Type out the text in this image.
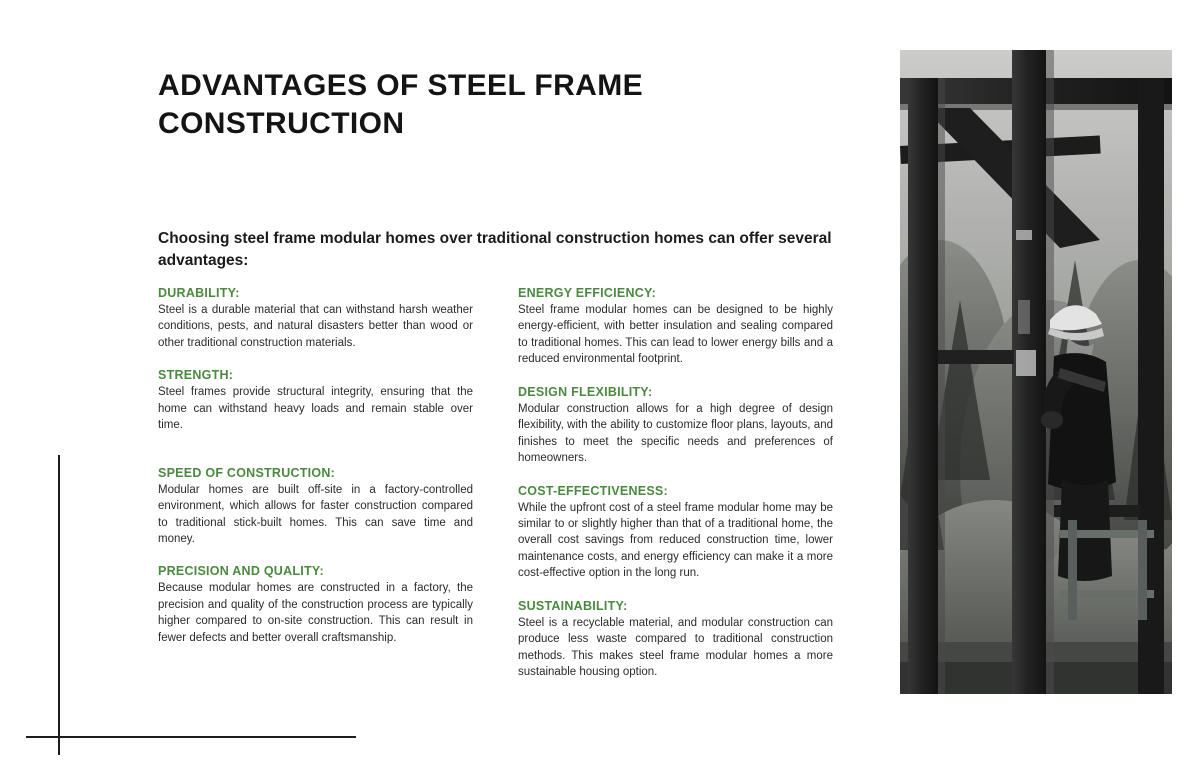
ADVANTAGES OF STEEL FRAME CONSTRUCTION

Choosing steel frame modular homes over traditional construction homes can offer several advantages:

DURABILITY:
Steel is a durable material that can withstand harsh weather conditions, pests, and natural disasters better than wood or other traditional construction materials.
STRENGTH:
Steel frames provide structural integrity, ensuring that the home can withstand heavy loads and remain stable over time.
SPEED OF CONSTRUCTION:
Modular homes are built off-site in a factory-controlled environment, which allows for faster construction compared to traditional stick-built homes. This can save time and money.
PRECISION AND QUALITY:
Because modular homes are constructed in a factory, the precision and quality of the construction process are typically higher compared to on-site construction. This can result in fewer defects and better overall craftsmanship.
ENERGY EFFICIENCY:
Steel frame modular homes can be designed to be highly energy-efficient, with better insulation and sealing compared to traditional homes. This can lead to lower energy bills and a reduced environmental footprint.
DESIGN FLEXIBILITY:
Modular construction allows for a high degree of design flexibility, with the ability to customize floor plans, layouts, and finishes to meet the specific needs and preferences of homeowners.
COST-EFFECTIVENESS:
While the upfront cost of a steel frame modular home may be similar to or slightly higher than that of a traditional home, the overall cost savings from reduced construction time, lower maintenance costs, and energy efficiency can make it a more cost-effective option in the long run.
SUSTAINABILITY:
Steel is a recyclable material, and modular construction can produce less waste compared to traditional construction methods. This makes steel frame modular homes a more sustainable housing option.
